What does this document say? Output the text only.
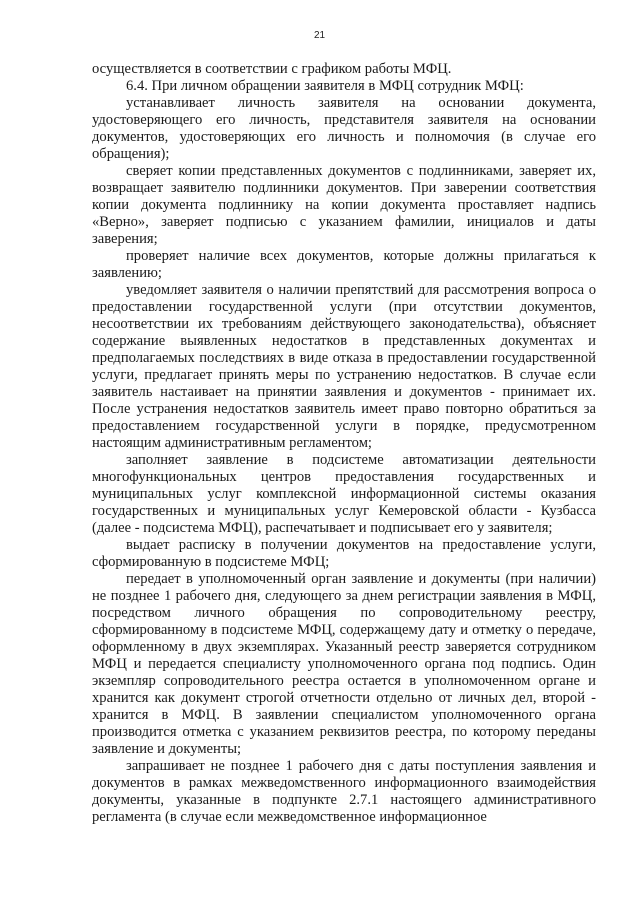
21

осуществляется в соответствии с графиком работы МФЦ.

6.4. При личном обращении заявителя в МФЦ сотрудник МФЦ:

устанавливает личность заявителя на основании документа, удостоверяющего его личность, представителя заявителя на основании документов, удостоверяющих его личность и полномочия (в случае его обращения);

сверяет копии представленных документов с подлинниками, заверяет их, возвращает заявителю подлинники документов. При заверении соответствия копии документа подлиннику на копии документа проставляет надпись «Верно», заверяет подписью с указанием фамилии, инициалов и даты заверения;

проверяет наличие всех документов, которые должны прилагаться к заявлению;

уведомляет заявителя о наличии препятствий для рассмотрения вопроса о предоставлении государственной услуги (при отсутствии документов, несоответствии их требованиям действующего законодательства), объясняет содержание выявленных недостатков в представленных документах и предполагаемых последствиях в виде отказа в предоставлении государственной услуги, предлагает принять меры по устранению недостатков. В случае если заявитель настаивает на принятии заявления и документов - принимает их. После устранения недостатков заявитель имеет право повторно обратиться за предоставлением государственной услуги в порядке, предусмотренном настоящим административным регламентом;

заполняет заявление в подсистеме автоматизации деятельности многофункциональных центров предоставления государственных и муниципальных услуг комплексной информационной системы оказания государственных и муниципальных услуг Кемеровской области - Кузбасса (далее - подсистема МФЦ), распечатывает и подписывает его у заявителя;

выдает расписку в получении документов на предоставление услуги, сформированную в подсистеме МФЦ;

передает в уполномоченный орган заявление и документы (при наличии) не позднее 1 рабочего дня, следующего за днем регистрации заявления в МФЦ, посредством личного обращения по сопроводительному реестру, сформированному в подсистеме МФЦ, содержащему дату и отметку о передаче, оформленному в двух экземплярах. Указанный реестр заверяется сотрудником МФЦ и передается специалисту уполномоченного органа под подпись. Один экземпляр сопроводительного реестра остается в уполномоченном органе и хранится как документ строгой отчетности отдельно от личных дел, второй - хранится в МФЦ. В заявлении специалистом уполномоченного органа производится отметка с указанием реквизитов реестра, по которому переданы заявление и документы;

запрашивает не позднее 1 рабочего дня с даты поступления заявления и документов в рамках межведомственного информационного взаимодействия документы, указанные в подпункте 2.7.1 настоящего административного регламента (в случае если межведомственное информационное
